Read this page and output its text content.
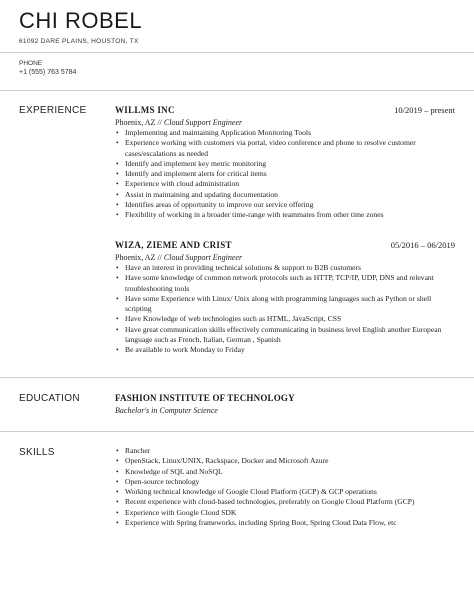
CHI ROBEL
61092 DARE PLAINS, HOUSTON, TX
PHONE
+1 (555) 763 5784
EXPERIENCE	WILLMS INC	10/2019 – present
Phoenix, AZ // Cloud Support Engineer
• Implementing and maintaining Application Monitoring Tools
• Experience working with customers via portal, video conference and phone to resolve customer cases/escalations as needed
• Identify and implement key metric monitoring
• Identify and implement alerts for critical items
• Experience with cloud administration
• Assist in maintaining and updating documentation
• Identifies areas of opportunity to improve our service offering
• Flexibility of working in a broader time-range with teammates from other time zones
WIZA, ZIEME AND CRIST	05/2016 – 06/2019
Phoenix, AZ // Cloud Support Engineer
• Have an interest in providing technical solutions & support to B2B customers
• Have some knowledge of common network protocols such as HTTP, TCP/IP, UDP, DNS and relevant troubleshooting tools
• Have some Experience with Linux/ Unix along with programming languages such as Python or shell scripting
• Have Knowledge of web technologies such as HTML, JavaScript, CSS
• Have great communication skills effectively communicating in business level English another European language such as French, Italian, German , Spanish
• Be available to work Monday to Friday
EDUCATION	FASHION INSTITUTE OF TECHNOLOGY
Bachelor's in Computer Science
SKILLS
•	Rancher
• OpenStack, Linux/UNIX, Rackspace, Docker and Microsoft Azure
• Knowledge of SQL and NoSQL
• Open-source technology
• Working technical knowledge of Google Cloud Platform (GCP) & GCP operations
• Recent experience with cloud-based technologies, preferably on Google Cloud Platform (GCP)
• Experience with Google Cloud SDK
• Experience with Spring frameworks, including Spring Boot, Spring Cloud Data Flow, etc
